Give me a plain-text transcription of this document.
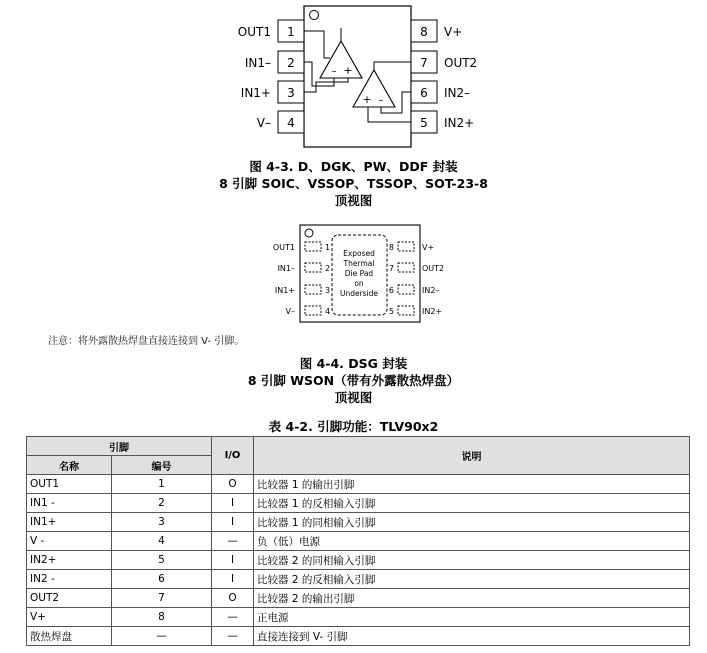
1
2
3
4
8
7
6
5
OUT1
IN1–
IN1+
V–
V+
OUT2
IN2–
IN2+
– +
+ –
图 4-3. D、DGK、PW、DDF 封装
8 引脚 SOIC、VSSOP、TSSOP、SOT-23-8
顶视图
1
2
3
4
8
7
6
5
OUT1
IN1–
IN1+
V–
V+
OUT2
IN2–
IN2+
Exposed
Thermal
Die Pad
on
Underside
注意：将外露散热焊盘直接连接到 V- 引脚。
图 4-4. DSG 封装
8 引脚 WSON（带有外露散热焊盘）
顶视图
表 4-2. 引脚功能：TLV90x2
引脚		I/O	说明
名称	编号		
OUT1	1	O	比较器 1 的输出引脚
IN1 -	2	I	比较器 1 的反相输入引脚
IN1+	3	I	比较器 1 的同相输入引脚
V -	4	—	负（低）电源
IN2+	5	I	比较器 2 的同相输入引脚
IN2 -	6	I	比较器 2 的反相输入引脚
OUT2	7	O	比较器 2 的输出引脚
V+	8	—	正电源
散热焊盘	—	—	直接连接到 V- 引脚
